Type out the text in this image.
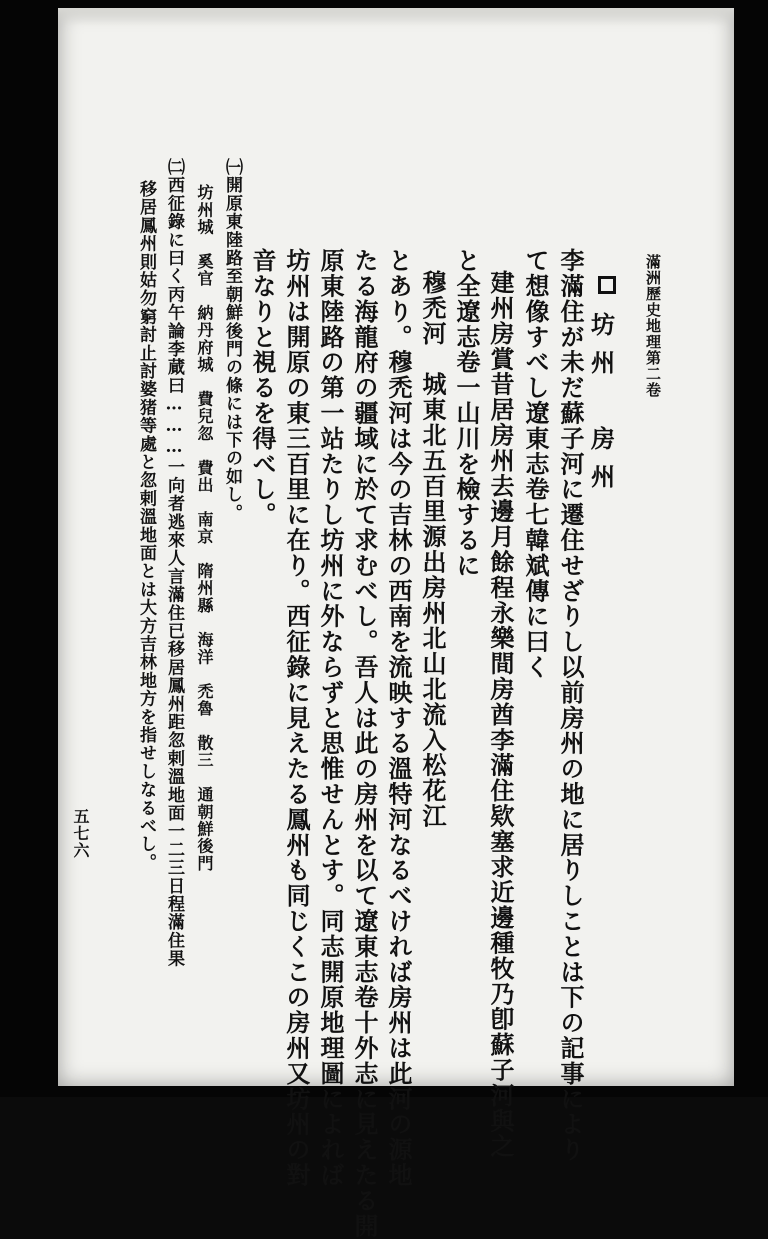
滿洲歷史地理第二卷
五七六
坊州　房州
李滿住が未だ蘇子河に遷住せざりし以前房州の地に居りしことは下の記事により
て想像すべし遼東志卷七韓斌傳に曰く
建州房賞昔居房州去邊月餘程永樂間房酋李滿住欵塞求近邊種牧乃卽蘇子河與之
と全遼志卷一山川を檢するに
穆禿河　城東北五百里源出房州北山北流入松花江
とあり。穆禿河は今の吉林の西南を流映する溫特河なるべければ房州は此河の源地
たる海龍府の疆域に於て求むべし。吾人は此の房州を以て遼東志卷十外志に見えたる開
原東陸路の第一站たりし坊州に外ならずと思惟せんとす。同志開原地理圖によれば
坊州は開原の東三百里に在り。西征錄に見えたる鳳州も同じくこの房州又坊州の對
音なりと視るを得べし。
㈠開原東陸路至朝鮮後門の條には下の如し。
坊州城　奚官　納丹府城　費兒忽　費出　南京　隋州縣　海洋　禿魯　散三　通朝鮮後門
㈡西征錄に曰く丙午論李蕆曰………一向者逃來人言滿住已移居鳳州距忽剌溫地面一二三日程滿住果
移居鳳州則姑勿窮討止討婆猪等處と忽剌溫地面とは大方吉林地方を指せしなるべし。
